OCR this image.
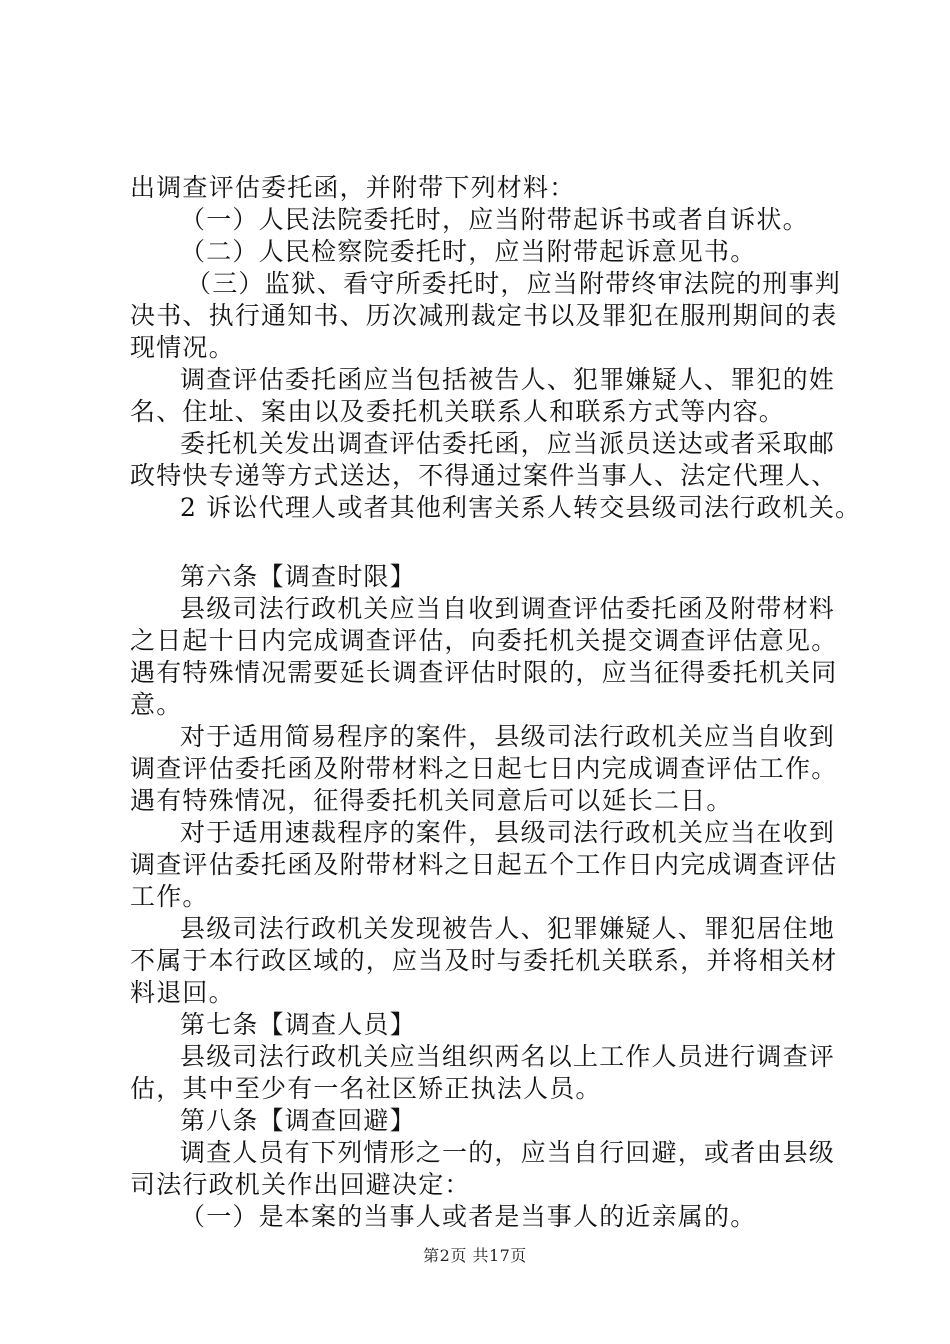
出调查评估委托函，并附带下列材料：
（一）人民法院委托时，应当附带起诉书或者自诉状。
（二）人民检察院委托时，应当附带起诉意见书。
（三）监狱、看守所委托时，应当附带终审法院的刑事判
决书、执行通知书、历次减刑裁定书以及罪犯在服刑期间的表
现情况。
调查评估委托函应当包括被告人、犯罪嫌疑人、罪犯的姓
名、住址、案由以及委托机关联系人和联系方式等内容。
委托机关发出调查评估委托函，应当派员送达或者采取邮
政特快专递等方式送达，不得通过案件当事人、法定代理人、
2 诉讼代理人或者其他利害关系人转交县级司法行政机关。
第六条【调查时限】
县级司法行政机关应当自收到调查评估委托函及附带材料
之日起十日内完成调查评估，向委托机关提交调查评估意见。
遇有特殊情况需要延长调查评估时限的，应当征得委托机关同
意。
对于适用简易程序的案件，县级司法行政机关应当自收到
调查评估委托函及附带材料之日起七日内完成调查评估工作。
遇有特殊情况，征得委托机关同意后可以延长二日。
对于适用速裁程序的案件，县级司法行政机关应当在收到
调查评估委托函及附带材料之日起五个工作日内完成调查评估
工作。
县级司法行政机关发现被告人、犯罪嫌疑人、罪犯居住地
不属于本行政区域的，应当及时与委托机关联系，并将相关材
料退回。
第七条【调查人员】
县级司法行政机关应当组织两名以上工作人员进行调查评
估，其中至少有一名社区矫正执法人员。
第八条【调查回避】
调查人员有下列情形之一的，应当自行回避，或者由县级
司法行政机关作出回避决定：
（一）是本案的当事人或者是当事人的近亲属的。
第2页 共17页
